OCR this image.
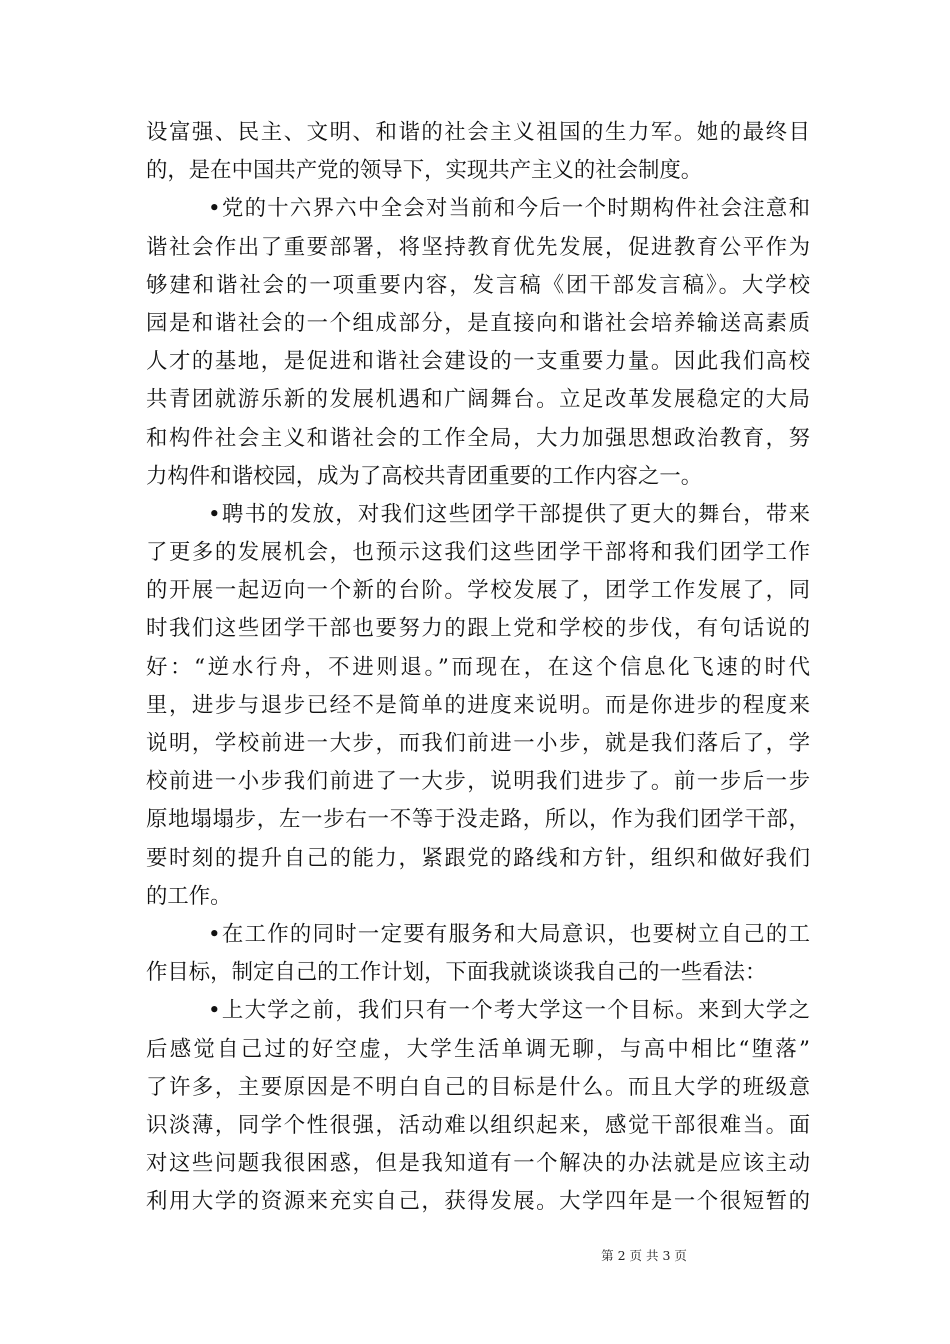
设富强、民主、文明、和谐的社会主义祖国的生力军。她的最终目
的，是在中国共产党的领导下，实现共产主义的社会制度。
•党的十六界六中全会对当前和今后一个时期构件社会注意和
谐社会作出了重要部署，将坚持教育优先发展，促进教育公平作为
够建和谐社会的一项重要内容，发言稿《团干部发言稿》。大学校
园是和谐社会的一个组成部分，是直接向和谐社会培养输送高素质
人才的基地，是促进和谐社会建设的一支重要力量。因此我们高校
共青团就游乐新的发展机遇和广阔舞台。立足改革发展稳定的大局
和构件社会主义和谐社会的工作全局，大力加强思想政治教育，努
力构件和谐校园，成为了高校共青团重要的工作内容之一。
•聘书的发放，对我们这些团学干部提供了更大的舞台，带来
了更多的发展机会，也预示这我们这些团学干部将和我们团学工作
的开展一起迈向一个新的台阶。学校发展了，团学工作发展了，同
时我们这些团学干部也要努力的跟上党和学校的步伐，有句话说的
好：“逆水行舟，不进则退。”而现在，在这个信息化飞速的时代
里，进步与退步已经不是简单的进度来说明。而是你进步的程度来
说明，学校前进一大步，而我们前进一小步，就是我们落后了，学
校前进一小步我们前进了一大步，说明我们进步了。前一步后一步
原地塌塌步，左一步右一不等于没走路，所以，作为我们团学干部，
要时刻的提升自己的能力，紧跟党的路线和方针，组织和做好我们
的工作。
•在工作的同时一定要有服务和大局意识，也要树立自己的工
作目标，制定自己的工作计划，下面我就谈谈我自己的一些看法：
•上大学之前，我们只有一个考大学这一个目标。来到大学之
后感觉自己过的好空虚，大学生活单调无聊，与高中相比“堕落”
了许多，主要原因是不明白自己的目标是什么。而且大学的班级意
识淡薄，同学个性很强，活动难以组织起来，感觉干部很难当。面
对这些问题我很困惑，但是我知道有一个解决的办法就是应该主动
利用大学的资源来充实自己，获得发展。大学四年是一个很短暂的
第 2 页 共 3 页
